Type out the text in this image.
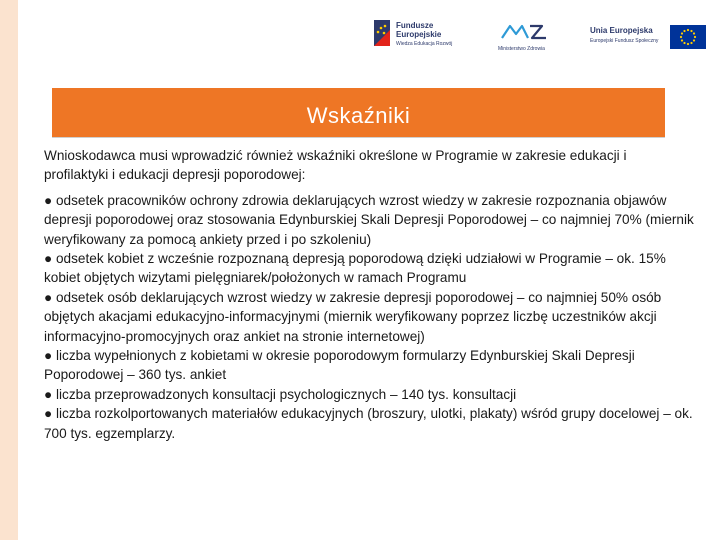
Fundusze
Europejskie
Wiedza Edukacja Rozwój
Ministerstwo Zdrowia
Unia Europejska
Europejski Fundusz Społeczny
Wskaźniki

Wnioskodawca musi wprowadzić również wskaźniki określone w Programie w zakresie edukacji i profilaktyki i edukacji depresji poporodowej:

● odsetek pracowników ochrony zdrowia deklarujących wzrost wiedzy w zakresie rozpoznania objawów depresji poporodowej oraz stosowania Edynburskiej Skali Depresji Poporodowej – co najmniej 70% (miernik weryfikowany za pomocą ankiety przed i po szkoleniu)

● odsetek kobiet z wcześnie rozpoznaną depresją poporodową dzięki udziałowi w Programie – ok. 15% kobiet objętych wizytami pielęgniarek/położonych w ramach Programu

● odsetek osób deklarujących wzrost wiedzy w zakresie depresji poporodowej – co najmniej 50% osób objętych akacjami edukacyjno-informacyjnymi (miernik weryfikowany poprzez liczbę uczestników akcji informacyjno-promocyjnych oraz ankiet na stronie internetowej)

● liczba wypełnionych z kobietami w okresie poporodowym formularzy Edynburskiej Skali Depresji Poporodowej – 360 tys. ankiet

● liczba przeprowadzonych konsultacji psychologicznych – 140 tys. konsultacji

● liczba rozkolportowanych materiałów edukacyjnych (broszury, ulotki, plakaty) wśród grupy docelowej – ok. 700 tys. egzemplarzy.
